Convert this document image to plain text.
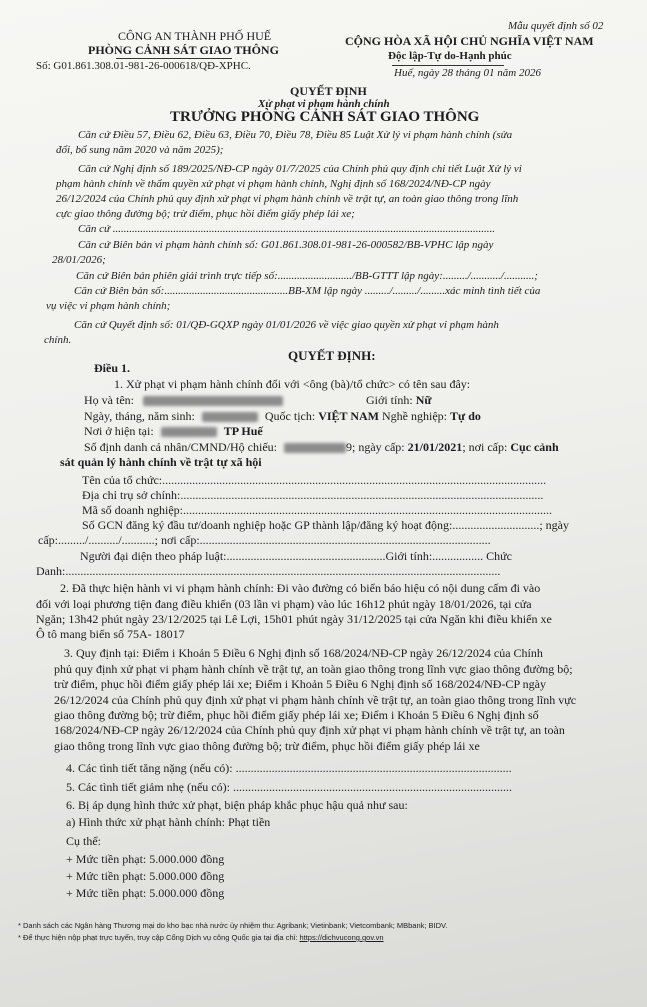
Mẫu quyết định số 02
CÔNG AN THÀNH PHỐ HUẾ
PHÒNG CẢNH SÁT GIAO THÔNG
Số: G01.861.308.01-981-26-000618/QĐ-XPHC.
CỘNG HÒA XÃ HỘI CHỦ NGHĨA VIỆT NAM
Độc lập-Tự do-Hạnh phúc
Huế, ngày 28 tháng 01 năm 2026
QUYẾT ĐỊNH
Xử phạt vi phạm hành chính
TRƯỞNG PHÒNG CẢNH SÁT GIAO THÔNG
Căn cứ Điều 57, Điều 62, Điều 63, Điều 70, Điều 78, Điều 85 Luật Xử lý vi phạm hành chính (sửa
đổi, bổ sung năm 2020 và năm 2025);
Căn cứ Nghị định số 189/2025/NĐ-CP ngày 01/7/2025 của Chính phủ quy định chi tiết Luật Xử lý vi
phạm hành chính về thẩm quyền xử phạt vi phạm hành chính, Nghị định số 168/2024/NĐ-CP ngày
26/12/2024 của Chính phủ quy định xử phạt vi phạm hành chính về trật tự, an toàn giao thông trong lĩnh
cực giao thông đường bộ; trừ điểm, phục hồi điểm giấy phép lái xe;
Căn cứ ...........................................................................................................................................
Căn cứ Biên bản vi phạm hành chính số: G01.861.308.01-981-26-000582/BB-VPHC lập ngày
28/01/2026;
Căn cứ Biên bản phiên giải trình trực tiếp số:.........................../BB-GTTT lập ngày:........./.........../...........;
Căn cứ Biên bản số:.............................................BB-XM lập ngày ........./........./.........xác minh tình tiết của
vụ việc vi phạm hành chính;
Căn cứ Quyết định số: 01/QĐ-GQXP ngày 01/01/2026 về việc giao quyền xử phạt vi phạm hành
chính.
QUYẾT ĐỊNH:
Điều 1.
1. Xử phạt vi phạm hành chính đối với <ông (bà)/tổ chức> có tên sau đây:
Họ và tên:	Giới tính: Nữ
Ngày, tháng, năm sinh:	Quốc tịch: VIỆT NAM Nghề nghiệp: Tự do
Nơi ở hiện tại:	TP Huế
Số định danh cá nhân/CMND/Hộ chiếu:	9; ngày cấp: 21/01/2021; nơi cấp: Cục cảnh
sát quản lý hành chính về trật tự xã hội
Tên của tổ chức:................................................................................................................................
Địa chỉ trụ sở chính:.........................................................................................................................
Mã số doanh nghiệp:...........................................................................................................................
Số GCN đăng ký đầu tư/doanh nghiệp hoặc GP thành lập/đăng ký hoạt động:.............................; ngày
cấp:........./........../...........; nơi cấp:.................................................................................................
Người đại diện theo pháp luật:.....................................................Giới tính:................. Chức
Danh:.................................................................................................................................................
2. Đã thực hiện hành vi vi phạm hành chính: Đi vào đường có biển báo hiệu có nội dung cấm đi vào
đối với loại phương tiện đang điều khiển (03 lần vi phạm) vào lúc 16h12 phút ngày 18/01/2026, tại cửa
Ngăn; 13h42 phút ngày 23/12/2025 tại Lê Lợi, 15h01 phút ngày 31/12/2025 tại cửa Ngăn khi điều khiển xe
Ô tô mang biển số 75A- 18017
3. Quy định tại: Điểm i Khoản 5 Điều 6 Nghị định số 168/2024/NĐ-CP ngày 26/12/2024 của Chính
phủ quy định xử phạt vi phạm hành chính về trật tự, an toàn giao thông trong lĩnh vực giao thông đường bộ;
trừ điểm, phục hồi điểm giấy phép lái xe; Điểm i Khoản 5 Điều 6 Nghị định số 168/2024/NĐ-CP ngày
26/12/2024 của Chính phủ quy định xử phạt vi phạm hành chính về trật tự, an toàn giao thông trong lĩnh vực
giao thông đường bộ; trừ điểm, phục hồi điểm giấy phép lái xe; Điểm i Khoản 5 Điều 6 Nghị định số
168/2024/NĐ-CP ngày 26/12/2024 của Chính phủ quy định xử phạt vi phạm hành chính về trật tự, an toàn
giao thông trong lĩnh vực giao thông đường bộ; trừ điểm, phục hồi điểm giấy phép lái xe
4. Các tình tiết tăng nặng (nếu có): ............................................................................................
5. Các tình tiết giảm nhẹ (nếu có): .............................................................................................
6. Bị áp dụng hình thức xử phạt, biện pháp khắc phục hậu quả như sau:
a) Hình thức xử phạt hành chính: Phạt tiền
Cụ thể:
+ Mức tiền phạt: 5.000.000 đồng
+ Mức tiền phạt: 5.000.000 đồng
+ Mức tiền phạt: 5.000.000 đồng
* Danh sách các Ngân hàng Thương mại do kho bạc nhà nước ủy nhiệm thu: Agribank; Vietinbank; Vietcombank; MBbank; BIDV.
* Để thực hiện nộp phạt trực tuyến, truy cập Cổng Dịch vụ công Quốc gia tại địa chỉ: https://dichvucong.gov.vn
